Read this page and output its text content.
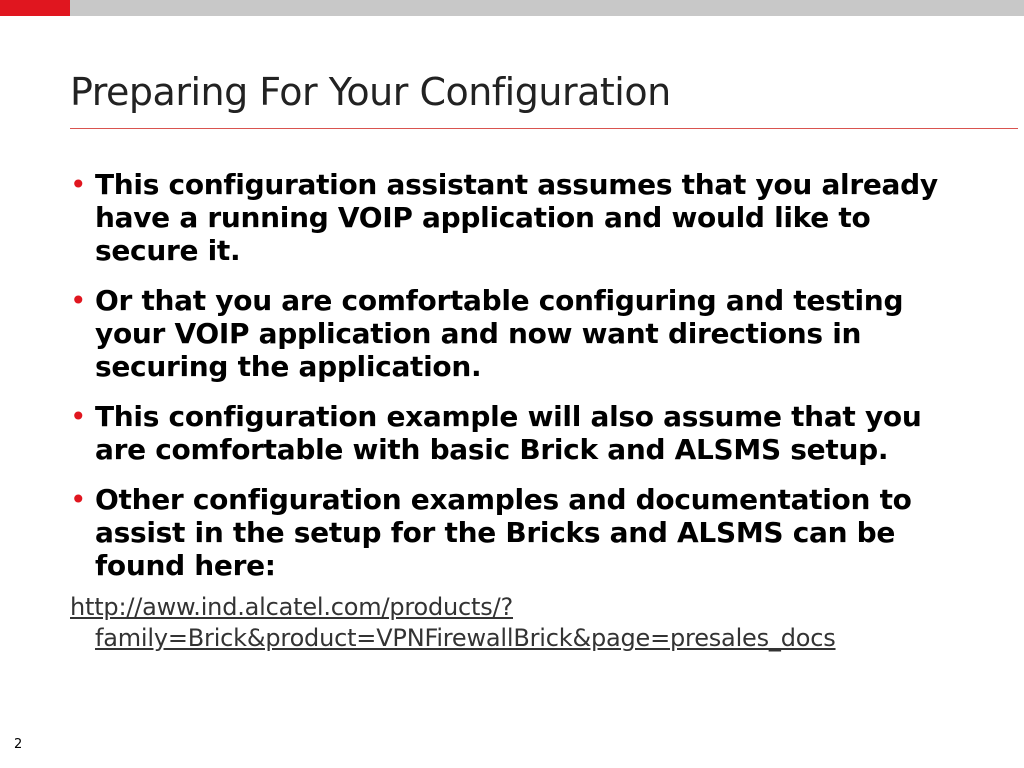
Preparing For Your Configuration
• This configuration assistant assumes that you already have a running VOIP application and would like to secure it.
• Or that you are comfortable configuring and testing your VOIP application and now want directions in securing the application.
• This configuration example will also assume that you are comfortable with basic Brick and ALSMS setup.
• Other configuration examples and documentation to assist in the setup for the Bricks and ALSMS can be found here:
http://aww.ind.alcatel.com/products/?family=Brick&product=VPNFirewallBrick&page=presales_docs
2
